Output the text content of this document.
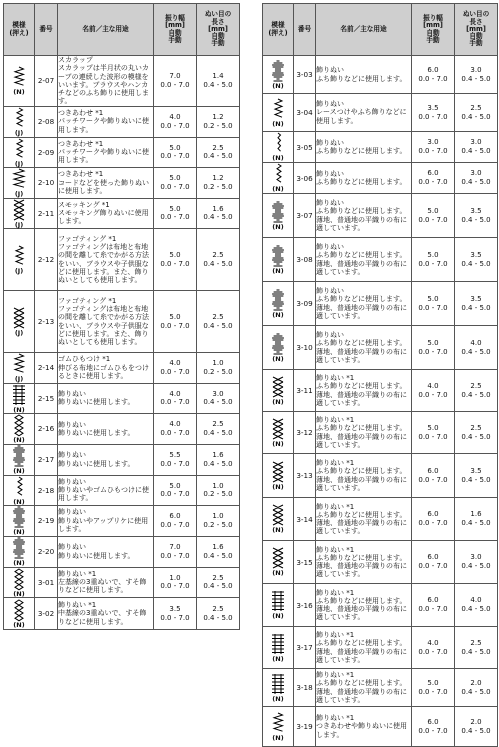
模様
(押え)	番号	名前／主な用途	振り幅
[mm]
自動
手動	ぬい目の
長さ
[mm]
自動
手動

(N)	2-07	スカラップ
スカラップは半月状の丸いカーブの連続した波形の模様をいいます。ブラウスやハンカチなどのふち飾りに使用します。	7.0
0.0 - 7.0	1.4
0.4 - 5.0

(J)	2-08	つきあわせ *1
パッチワークや飾りぬいに使用します。	4.0
0.0 - 7.0	1.2
0.2 - 5.0

(J)	2-09	つきあわせ *1
パッチワークや飾りぬいに使用します。	5.0
0.0 - 7.0	2.5
0.4 - 5.0

(J)	2-10	つきあわせ *1
コードなどを使った飾りぬいに使用します。	5.0
0.0 - 7.0	1.2
0.2 - 5.0

(J)	2-11	スモッキング *1
スモッキング飾りぬいに使用します。	5.0
0.0 - 7.0	1.6
0.4 - 5.0

(J)	2-12	ファゴティング *1
ファゴティングは布地と布地の間を離して糸でかがる方法をいい、ブラウスや子供服などに使用します。また、飾りぬいとしても使用します。	5.0
0.0 - 7.0	2.5
0.4 - 5.0

(J)	2-13	ファゴティング *1
ファゴティングは布地と布地の間を離して糸でかがる方法をいい、ブラウスや子供服などに使用します。また、飾りぬいとしても使用します。	5.0
0.0 - 7.0	2.5
0.4 - 5.0

(J)	2-14	ゴムひもつけ *1
伸びる布地にゴムひもをつけるときに使用します。	4.0
0.0 - 7.0	1.0
0.2 - 5.0

(N)	2-15	飾りぬい
飾りぬいに使用します。	4.0
0.0 - 7.0	3.0
0.4 - 5.0

(N)	2-16	飾りぬい
飾りぬいに使用します。	4.0
0.0 - 7.0	2.5
0.4 - 5.0

(N)	2-17	飾りぬい
飾りぬいに使用します。	5.5
0.0 - 7.0	1.6
0.4 - 5.0

(N)	2-18	飾りぬい
飾りぬいやゴムひもつけに使用します。	5.0
0.0 - 7.0	1.0
0.2 - 5.0

(N)	2-19	飾りぬい
飾りぬいやアップリケに使用します。	6.0
0.0 - 7.0	1.0
0.2 - 5.0

(N)	2-20	飾りぬい
飾りぬいに使用します。	7.0
0.0 - 7.0	1.6
0.4 - 5.0

(N)	3-01	飾りぬい *1
左基線の3重ぬいで、すそ飾りなどに使用します。	1.0
0.0 - 7.0	2.5
0.4 - 5.0

(N)	3-02	飾りぬい *1
中基線の3重ぬいで、すそ飾りなどに使用します。	3.5
0.0 - 7.0	2.5
0.4 - 5.0
模様
(押え)	番号	名前／主な用途	振り幅
[mm]
自動
手動	ぬい目の
長さ
[mm]
自動
手動

(N)	3-03	飾りぬい
ふち飾りなどに使用します。	6.0
0.0 - 7.0	3.0
0.4 - 5.0

(N)	3-04	飾りぬい
レースつけやふち飾りなどに使用します。	3.5
0.0 - 7.0	2.5
0.4 - 5.0

(N)	3-05	飾りぬい
ふち飾りなどに使用します。	3.0
0.0 - 7.0	3.0
0.4 - 5.0

(N)	3-06	飾りぬい
ふち飾りなどに使用します。	6.0
0.0 - 7.0	3.0
0.4 - 5.0

(N)	3-07	飾りぬい
ふち飾りなどに使用します。
薄地、普通地の平織りの布に適しています。	5.0
0.0 - 7.0	3.5
0.4 - 5.0

(N)	3-08	飾りぬい
ふち飾りなどに使用します。
薄地、普通地の平織りの布に適しています。	5.0
0.0 - 7.0	3.5
0.4 - 5.0

(N)	3-09	飾りぬい
ふち飾りなどに使用します。
薄地、普通地の平織りの布に適しています。	5.0
0.0 - 7.0	3.5
0.4 - 5.0

(N)	3-10	飾りぬい
ふち飾りなどに使用します。
薄地、普通地の平織りの布に適しています。	5.0
0.0 - 7.0	4.0
0.4 - 5.0

(N)	3-11	飾りぬい *1
ふち飾りなどに使用します。
薄地、普通地の平織りの布に適しています。	4.0
0.0 - 7.0	2.5
0.4 - 5.0

(N)	3-12	飾りぬい *1
ふち飾りなどに使用します。
薄地、普通地の平織りの布に適しています。	5.0
0.0 - 7.0	2.5
0.4 - 5.0

(N)	3-13	飾りぬい *1
ふち飾りなどに使用します。
薄地、普通地の平織りの布に適しています。	6.0
0.0 - 7.0	3.5
0.4 - 5.0

(N)	3-14	飾りぬい *1
ふち飾りなどに使用します。
薄地、普通地の平織りの布に適しています。	6.0
0.0 - 7.0	1.6
0.4 - 5.0

(N)	3-15	飾りぬい *1
ふち飾りなどに使用します。
薄地、普通地の平織りの布に適しています。	6.0
0.0 - 7.0	3.0
0.4 - 5.0

(N)	3-16	飾りぬい *1
ふち飾りなどに使用します。
薄地、普通地の平織りの布に適しています。	6.0
0.0 - 7.0	4.0
0.4 - 5.0

(N)	3-17	飾りぬい *1
ふち飾りなどに使用します。
薄地、普通地の平織りの布に適しています。	4.0
0.0 - 7.0	2.5
0.4 - 5.0

(N)	3-18	飾りぬい *1
ふち飾りなどに使用します。
薄地、普通地の平織りの布に適しています。	5.0
0.0 - 7.0	2.0
0.4 - 5.0

(N)	3-19	飾りぬい *1
つきあわせや飾りぬいに使用します。	6.0
0.0 - 7.0	2.0
0.4 - 5.0
